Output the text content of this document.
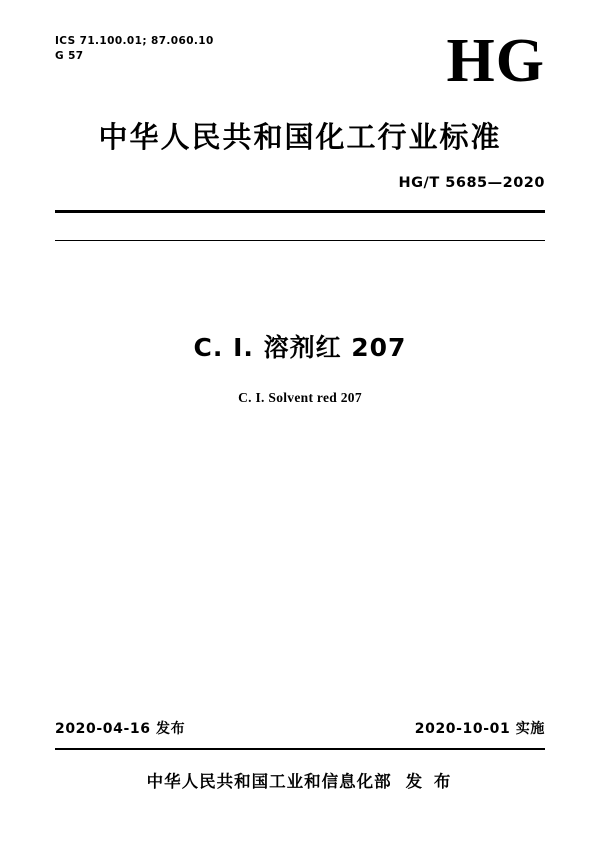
ICS 71.100.01; 87.060.10
G 57	HG
中华人民共和国化工行业标准
HG/T 5685—2020
C. I. 溶剂红 207
C. I. Solvent red 207
2020-04-16 发布	2020-10-01 实施
中华人民共和国工业和信息化部 发 布
